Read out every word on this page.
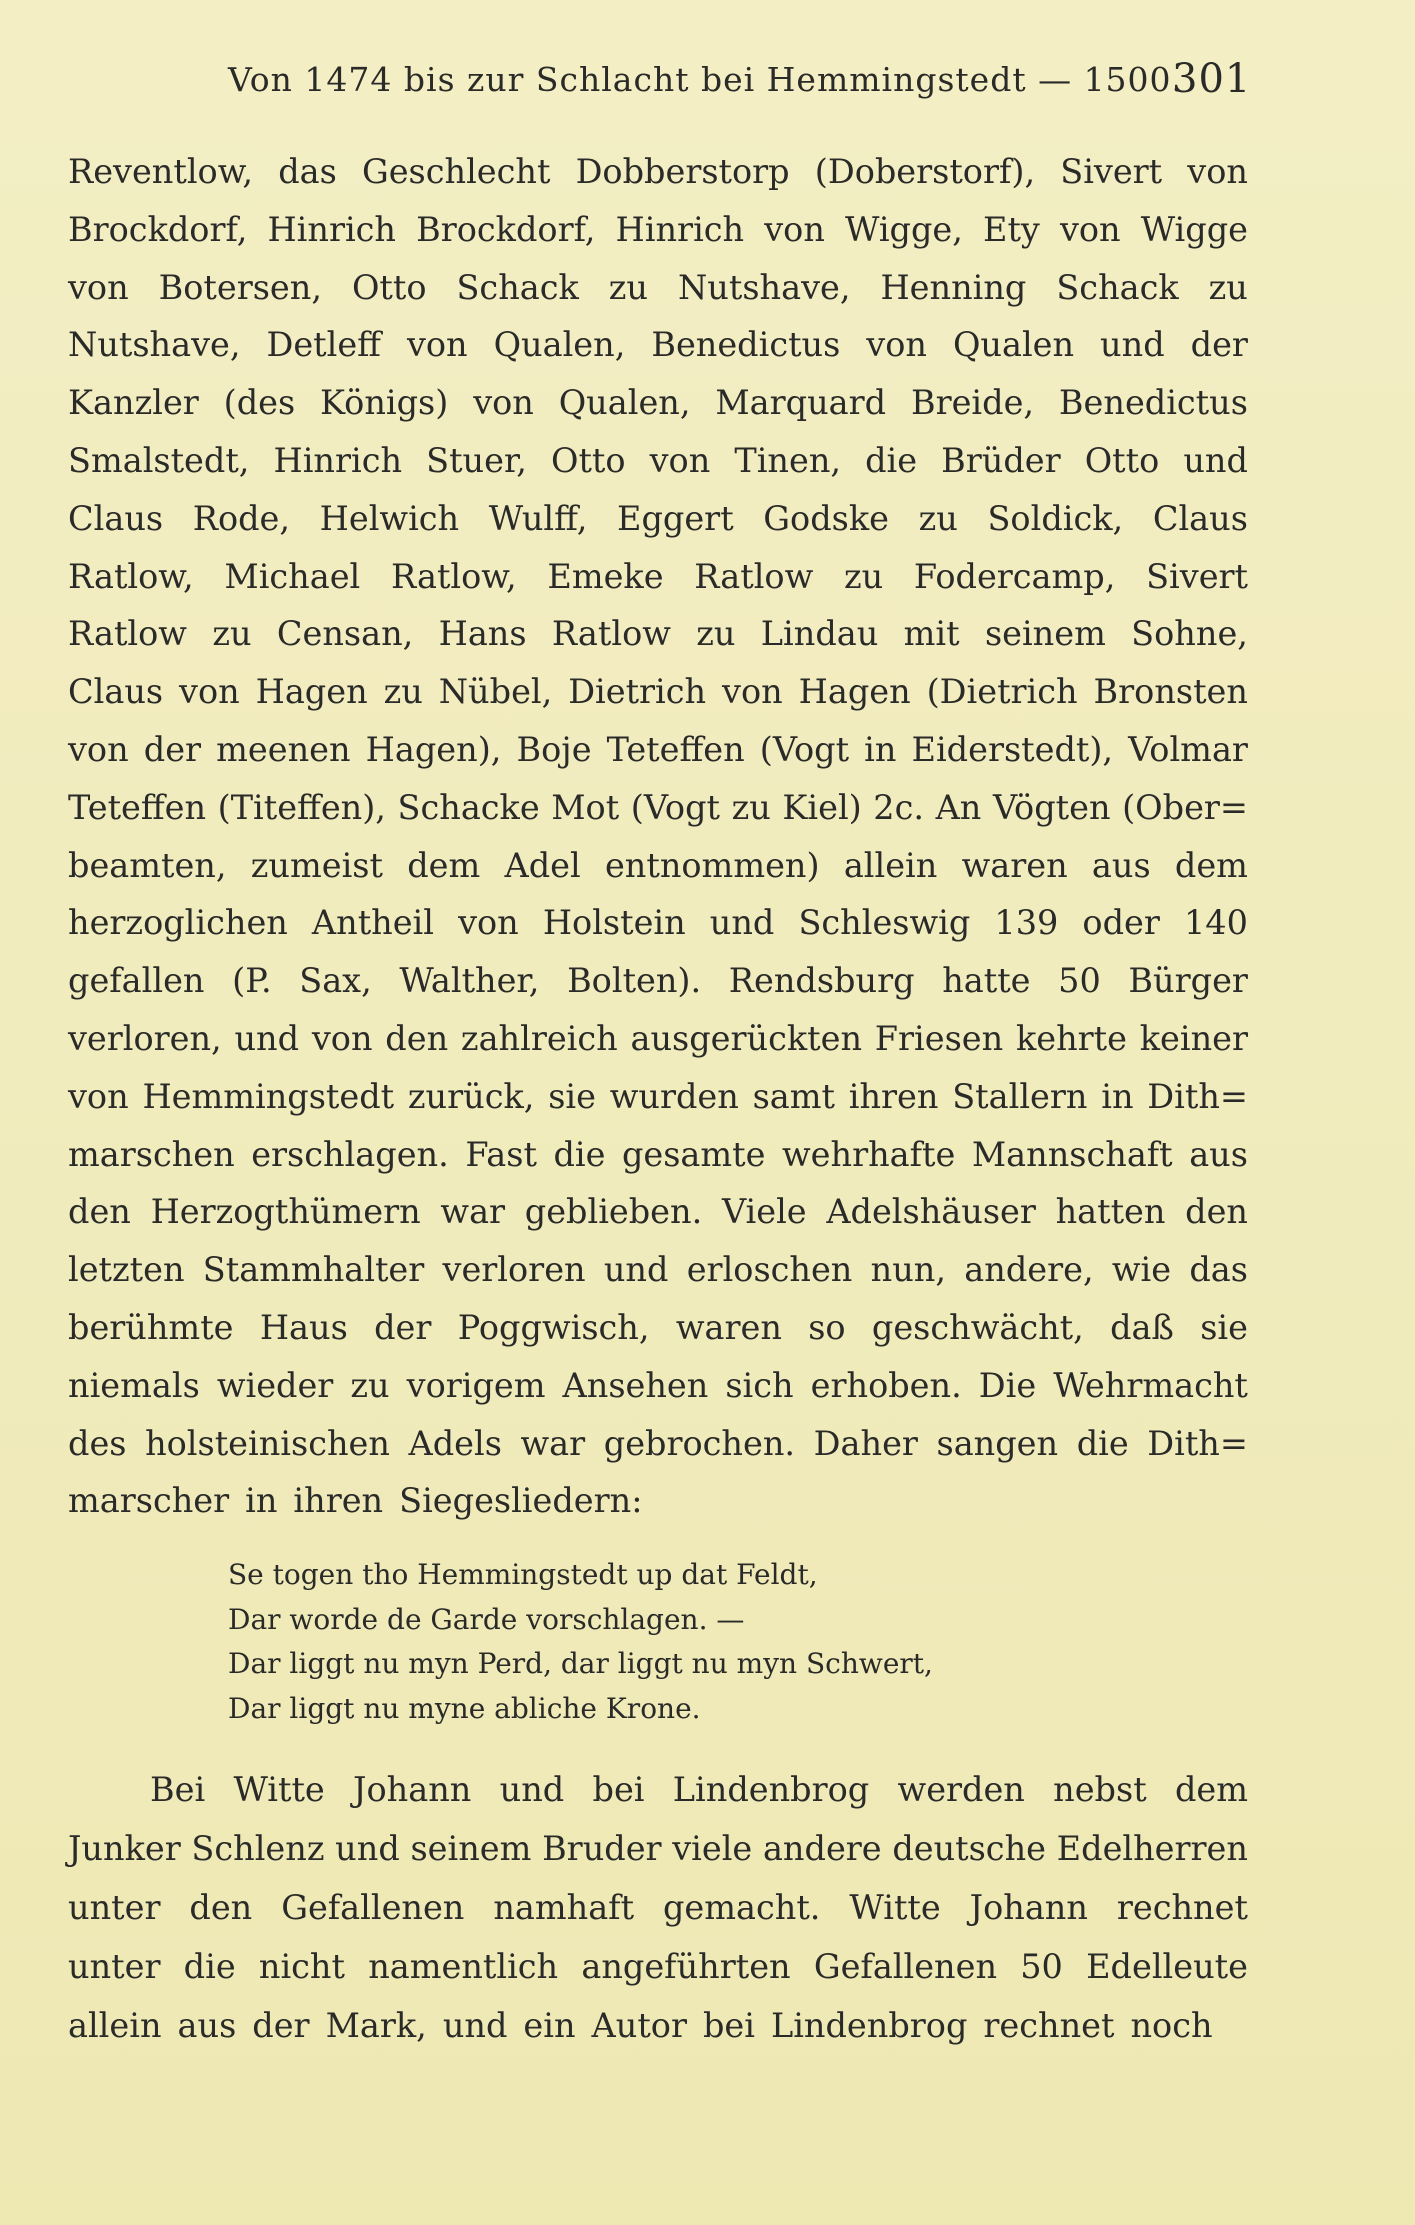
Von 1474 bis zur Schlacht bei Hemmingstedt — 1500.
301
Reventlow, das Geschlecht Dobberstorp (Doberstorf), Sivert von
Brockdorf, Hinrich Brockdorf, Hinrich von Wigge, Ety von Wigge
von Botersen, Otto Schack zu Nutshave, Henning Schack zu
Nutshave, Detleff von Qualen, Benedictus von Qualen und der
Kanzler (des Königs) von Qualen, Marquard Breide, Benedictus
Smalstedt, Hinrich Stuer, Otto von Tinen, die Brüder Otto und
Claus Rode, Helwich Wulff, Eggert Godske zu Soldick, Claus
Ratlow, Michael Ratlow, Emeke Ratlow zu Fodercamp, Sivert
Ratlow zu Censan, Hans Ratlow zu Lindau mit seinem Sohne,
Claus von Hagen zu Nübel, Dietrich von Hagen (Dietrich Bronsten
von der meenen Hagen), Boje Teteffen (Vogt in Eiderstedt), Volmar
Teteffen (Titeffen), Schacke Mot (Vogt zu Kiel) 2c. An Vögten (Ober=
beamten, zumeist dem Adel entnommen) allein waren aus dem
herzoglichen Antheil von Holstein und Schleswig 139 oder 140
gefallen (P. Sax, Walther, Bolten). Rendsburg hatte 50 Bürger
verloren, und von den zahlreich ausgerückten Friesen kehrte keiner
von Hemmingstedt zurück, sie wurden samt ihren Stallern in Dith=
marschen erschlagen. Fast die gesamte wehrhafte Mannschaft aus
den Herzogthümern war geblieben. Viele Adelshäuser hatten den
letzten Stammhalter verloren und erloschen nun, andere, wie das
berühmte Haus der Poggwisch, waren so geschwächt, daß sie
niemals wieder zu vorigem Ansehen sich erhoben. Die Wehrmacht
des holsteinischen Adels war gebrochen. Daher sangen die Dith=
marscher in ihren Siegesliedern:
Se togen tho Hemmingstedt up dat Feldt,
Dar worde de Garde vorschlagen. —
Dar liggt nu myn Perd, dar liggt nu myn Schwert,
Dar liggt nu myne abliche Krone.
Bei Witte Johann und bei Lindenbrog werden nebst dem
Junker Schlenz und seinem Bruder viele andere deutsche Edelherren
unter den Gefallenen namhaft gemacht. Witte Johann rechnet
unter die nicht namentlich angeführten Gefallenen 50 Edelleute
allein aus der Mark, und ein Autor bei Lindenbrog rechnet noch
